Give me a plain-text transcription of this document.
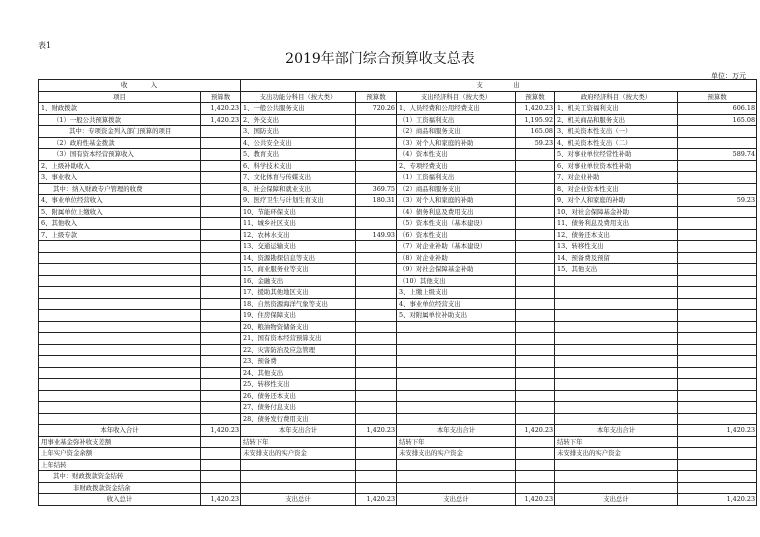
表1
2019年部门综合预算收支总表
单位：万元
收　　　入		支　　　　出					
项目	预算数	支出功能分科目（按大类）	预算数	支出经济科目（按大类）	预算数	政府经济科目（按大类）	预算数
1、财政拨款	1,420.23	1、一般公共服务支出	720.26	1、人员经费和公用经费支出	1,420.23	1、机关工资福利支出	606.18
（1）一般公共预算拨款	1,420.23	2、外交支出		（1）工资福利支出	1,195.92	2、机关商品和服务支出	165.08
其中：专项资金列入部门预算的项目		3、国防支出		（2）商品和服务支出	165.08	3、机关资本性支出（一）	
（2）政府性基金拨款		4、公共安全支出		（3）对个人和家庭的补助	59.23	4、机关资本性支出（二）	
（3）国有资本经营预算收入		5、教育支出		（4）资本性支出		5、对事业单位经常性补助	589.74
2、上级补助收入		6、科学技术支出		2、专项经费支出		6、对事业单位资本性补助	
3、事业收入		7、文化体育与传媒支出		（1）工资福利支出		7、对企业补助	
其中：纳入财政专户管理的收费		8、社会保障和就业支出	369.75	（2）商品和服务支出		8、对企业资本性支出	
4、事业单位经营收入		9、医疗卫生与计划生育支出	180.31	（3）对个人和家庭的补助		9、对个人和家庭的补助	59.23
5、附属单位上缴收入		10、节能环保支出		（4）债务利息及费用支出		10、对社会保障基金补助	
6、其他收入		11、城乡社区支出		（5）资本性支出（基本建设）		11、债务利息及费用支出	
7、上级专款		12、农林水支出	149.93	（6）资本性支出		12、债务还本支出	
		13、交通运输支出		（7）对企业补助（基本建设）		13、转移性支出	
		14、资源勘探信息等支出		（8）对企业补助		14、预备费及预留	
		15、商业服务业等支出		（9）对社会保障基金补助		15、其他支出	
		16、金融支出		（10）其他支出			
		17、援助其他地区支出		3、上缴上级支出			
		18、自然资源海洋气象等支出		4、事业单位经营支出			
		19、住房保障支出		5、对附属单位补助支出			
		20、粮油物资储备支出					
		21、国有资本经营预算支出					
		22、灾害防治及应急管理					
		23、预备费					
		24、其他支出					
		25、转移性支出					
		26、债务还本支出					
		27、债务付息支出					
		28、债务发行费用支出					
本年收入合计	1,420.23	本年支出合计	1,420.23	本年支出合计	1,420.23	本年支出合计	1,420.23
用事业基金弥补收支差额		结转下年		结转下年		结转下年	
上年实户资金余额		未安排支出的实户资金		未安排支出的实户资金		未安排支出的实户资金	
上年结转							
其中：财政拨款资金结转							
非财政拨款资金结余							
收入总计	1,420.23	支出总计	1,420.23	支出总计	1,420.23	支出总计	1,420.23
